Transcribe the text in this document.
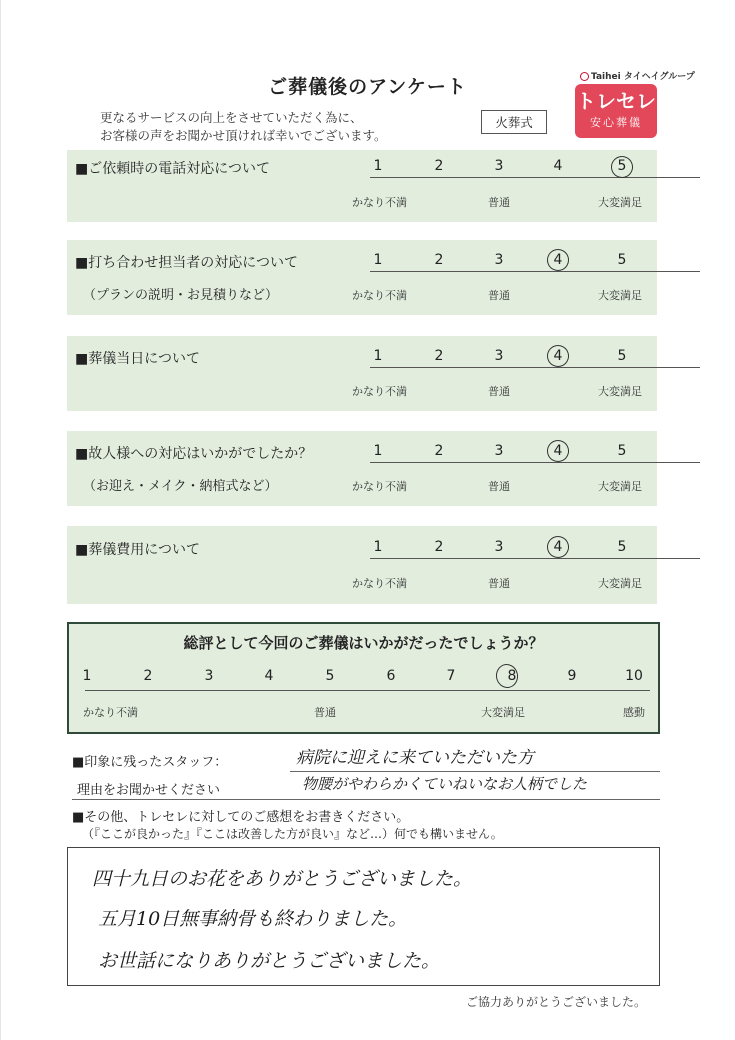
ご葬儀後のアンケート
更なるサービスの向上をさせていただく為に、
お客様の声をお聞かせ頂ければ幸いでございます。
火葬式
Taihei タイヘイグループ
トレセレ
安心葬儀
■ご依頼時の電話対応について	1	2	3	4	5
かなり不満	普通	大変満足
■打ち合わせ担当者の対応について
（プランの説明・お見積りなど）
1	2	3	4	5
かなり不満	普通	大変満足
■葬儀当日について	1	2	3	4	5
かなり不満	普通	大変満足
■故人様への対応はいかがでしたか？
（お迎え・メイク・納棺式など）
1	2	3	4	5
かなり不満	普通	大変満足
■葬儀費用について	1	2	3	4	5
かなり不満	普通	大変満足
総評として今回のご葬儀はいかがだったでしょうか？
1	2	3	4	5	6	7	8	9	10
かなり不満	普通	大変満足	感動
■印象に残ったスタッフ：	病院に迎えに来ていただいた方
理由をお聞かせください	物腰がやわらかくていねいなお人柄でした
■その他、トレセレに対してのご感想をお書きください。
（『ここが良かった』『ここは改善した方が良い』など…）何でも構いません。
四十九日のお花をありがとうございました。
五月10日無事納骨も終わりました。
お世話になりありがとうございました。
ご協力ありがとうございました。
